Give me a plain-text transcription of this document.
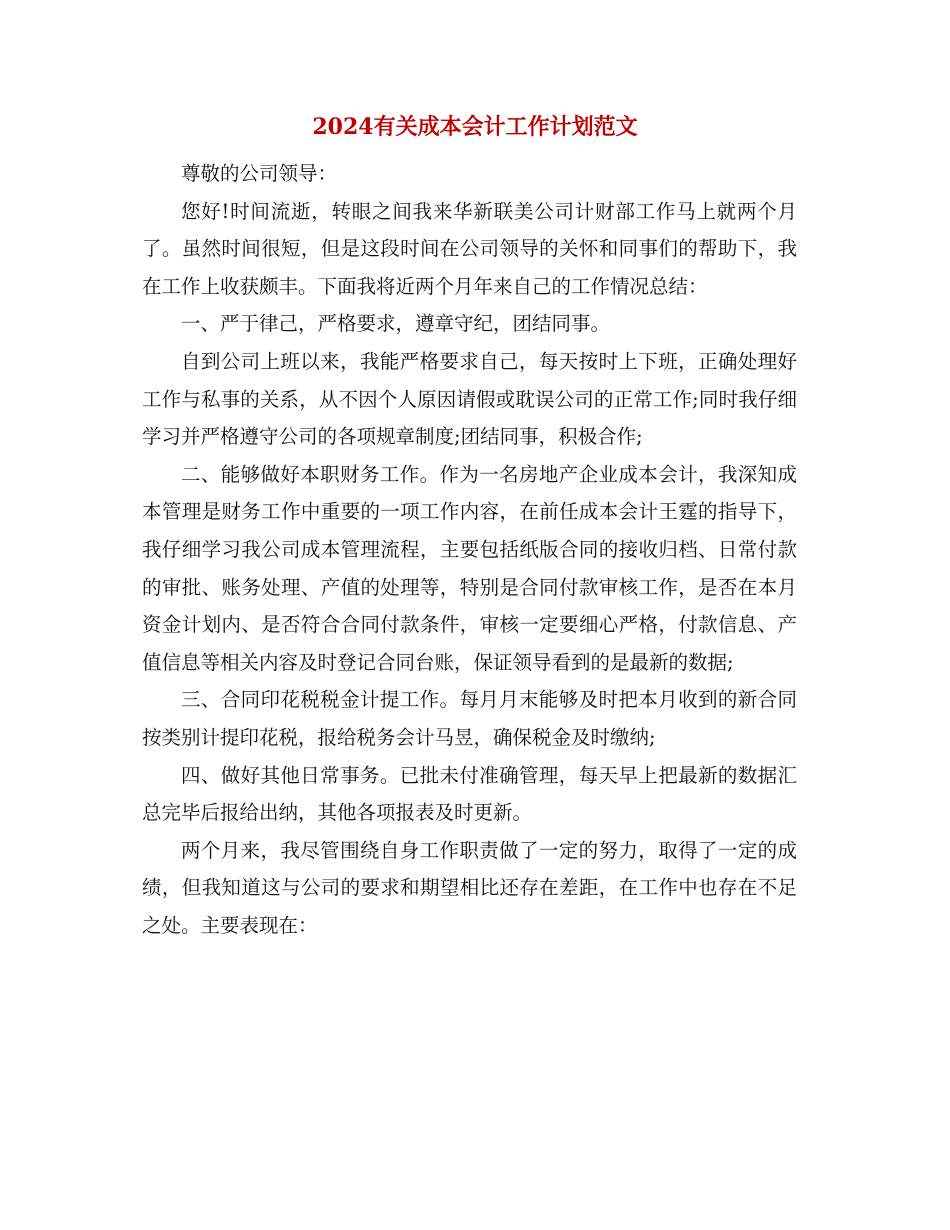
2024有关成本会计工作计划范文

尊敬的公司领导：

您好!时间流逝，转眼之间我来华新联美公司计财部工作马上就两个月了。虽然时间很短，但是这段时间在公司领导的关怀和同事们的帮助下，我在工作上收获颇丰。下面我将近两个月年来自己的工作情况总结：

一、严于律己，严格要求，遵章守纪，团结同事。

自到公司上班以来，我能严格要求自己，每天按时上下班，正确处理好工作与私事的关系，从不因个人原因请假或耽误公司的正常工作;同时我仔细学习并严格遵守公司的各项规章制度;团结同事，积极合作;

二、能够做好本职财务工作。作为一名房地产企业成本会计，我深知成本管理是财务工作中重要的一项工作内容，在前任成本会计王霆的指导下，我仔细学习我公司成本管理流程，主要包括纸版合同的接收归档、日常付款的审批、账务处理、产值的处理等，特别是合同付款审核工作，是否在本月资金计划内、是否符合合同付款条件，审核一定要细心严格，付款信息、产值信息等相关内容及时登记合同台账，保证领导看到的是最新的数据;

三、合同印花税税金计提工作。每月月末能够及时把本月收到的新合同按类别计提印花税，报给税务会计马昱，确保税金及时缴纳;

四、做好其他日常事务。已批未付准确管理，每天早上把最新的数据汇总完毕后报给出纳，其他各项报表及时更新。

两个月来，我尽管围绕自身工作职责做了一定的努力，取得了一定的成绩，但我知道这与公司的要求和期望相比还存在差距，在工作中也存在不足之处。主要表现在：
